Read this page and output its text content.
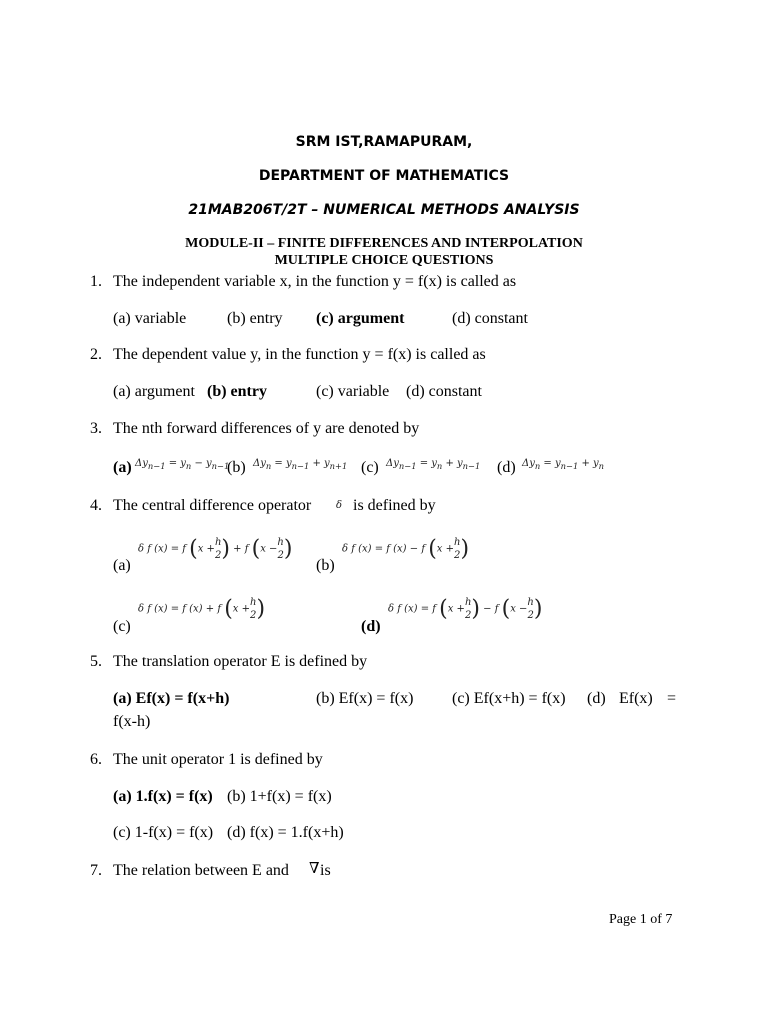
SRM IST,RAMAPURAM,
DEPARTMENT OF MATHEMATICS
21MAB206T/2T – NUMERICAL METHODS ANALYSIS
MODULE-II – FINITE DIFFERENCES AND INTERPOLATION
MULTIPLE CHOICE QUESTIONS
1. The independent variable x, in the function y = f(x) is called as
(a) variable	(b) entry (c) argument	(d) constant
2. The dependent value y, in the function y = f(x) is called as
(a) argument (b) entry	(c) variable (d) constant
3. The nth forward differences of y are denoted by
(a) $\Delta y_{n-1} = y_n - y_{n-1}$
(b) $\Delta y_n = y_{n-1} + y_{n+1}$ (c) $\Delta y_{n-1} = y_n + y_{n-1}$ (d) $\Delta y_n = y_{n-1} + y_n$
4. The central difference operator δ is defined by
(a)
δ f (x) = f (x +
h
2 ) + f (x −
h
2 )
(b)
δ f (x) = f (x) − f (x +
h
2 )
(c)
δ f (x) = f (x) + f (x +
h
2 )
(d)
δ f (x) = f (x +
h
2 ) − f (x −
h
2 )
5. The translation operator E is defined by
(a) Ef(x) = f(x+h)	(b) Ef(x) = f(x) (c) Ef(x+h) = f(x) (d) Ef(x) =
f(x-h)
6. The unit operator 1 is defined by
(a) 1.f(x) = f(x) (b) 1+f(x) = f(x)
(c) 1-f(x) = f(x) (d) f(x) = 1.f(x+h)
7. The relation between E and ∇ is
Page 1 of 7
